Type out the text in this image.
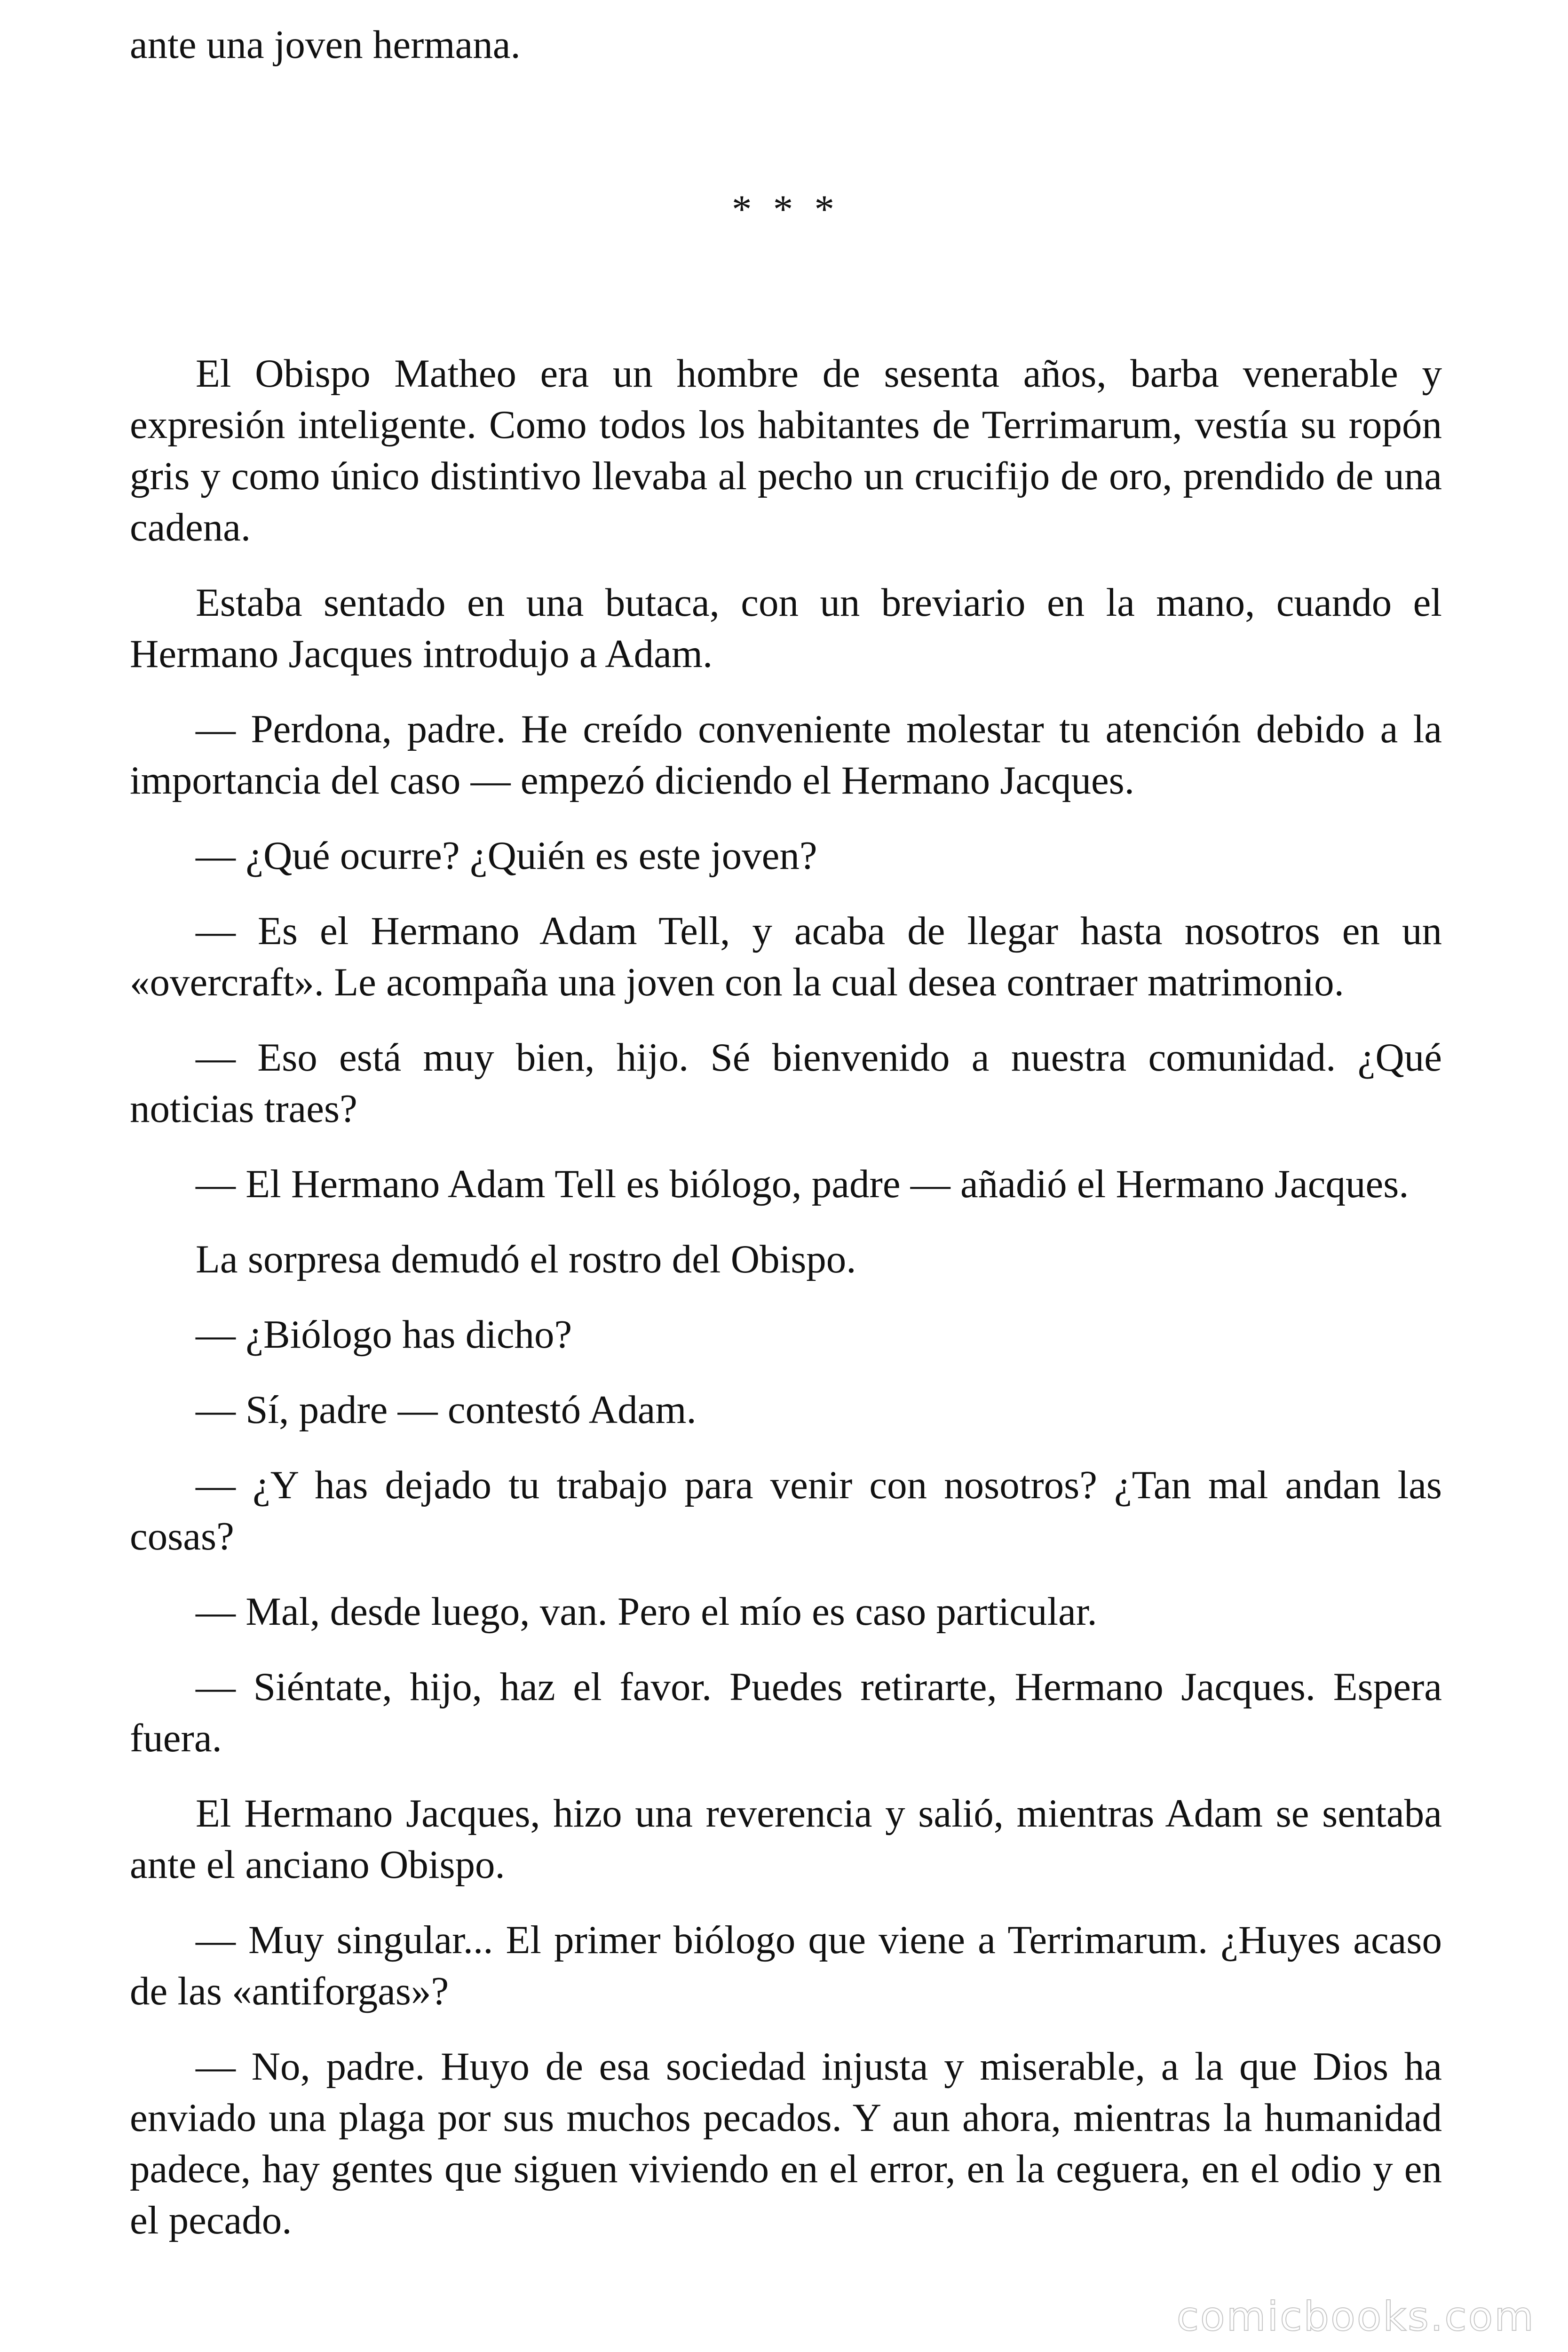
ante una joven hermana.

* * *

El Obispo Matheo era un hombre de sesenta años, barba venerable y expresión inteligente. Como todos los habitantes de Terrimarum, vestía su ropón gris y como único distintivo llevaba al pecho un crucifijo de oro, prendido de una cadena.

Estaba sentado en una butaca, con un breviario en la mano, cuando el Hermano Jacques introdujo a Adam.

— Perdona, padre. He creído conveniente molestar tu atención debido a la importancia del caso — empezó diciendo el Hermano Jacques.

— ¿Qué ocurre? ¿Quién es este joven?

— Es el Hermano Adam Tell, y acaba de llegar hasta nosotros en un «overcraft». Le acompaña una joven con la cual desea contraer matrimonio.

— Eso está muy bien, hijo. Sé bienvenido a nuestra comunidad. ¿Qué noticias traes?

— El Hermano Adam Tell es biólogo, padre — añadió el Hermano Jacques.

La sorpresa demudó el rostro del Obispo.

— ¿Biólogo has dicho?

— Sí, padre — contestó Adam.

— ¿Y has dejado tu trabajo para venir con nosotros? ¿Tan mal andan las cosas?

— Mal, desde luego, van. Pero el mío es caso particular.

— Siéntate, hijo, haz el favor. Puedes retirarte, Hermano Jacques. Espera fuera.

El Hermano Jacques, hizo una reverencia y salió, mientras Adam se sentaba ante el anciano Obispo.

— Muy singular... El primer biólogo que viene a Terrimarum. ¿Huyes acaso de las «antiforgas»?

— No, padre. Huyo de esa sociedad injusta y miserable, a la que Dios ha enviado una plaga por sus muchos pecados. Y aun ahora, mientras la humanidad padece, hay gentes que siguen viviendo en el error, en la ceguera, en el odio y en el pecado.

comicbooks.com
